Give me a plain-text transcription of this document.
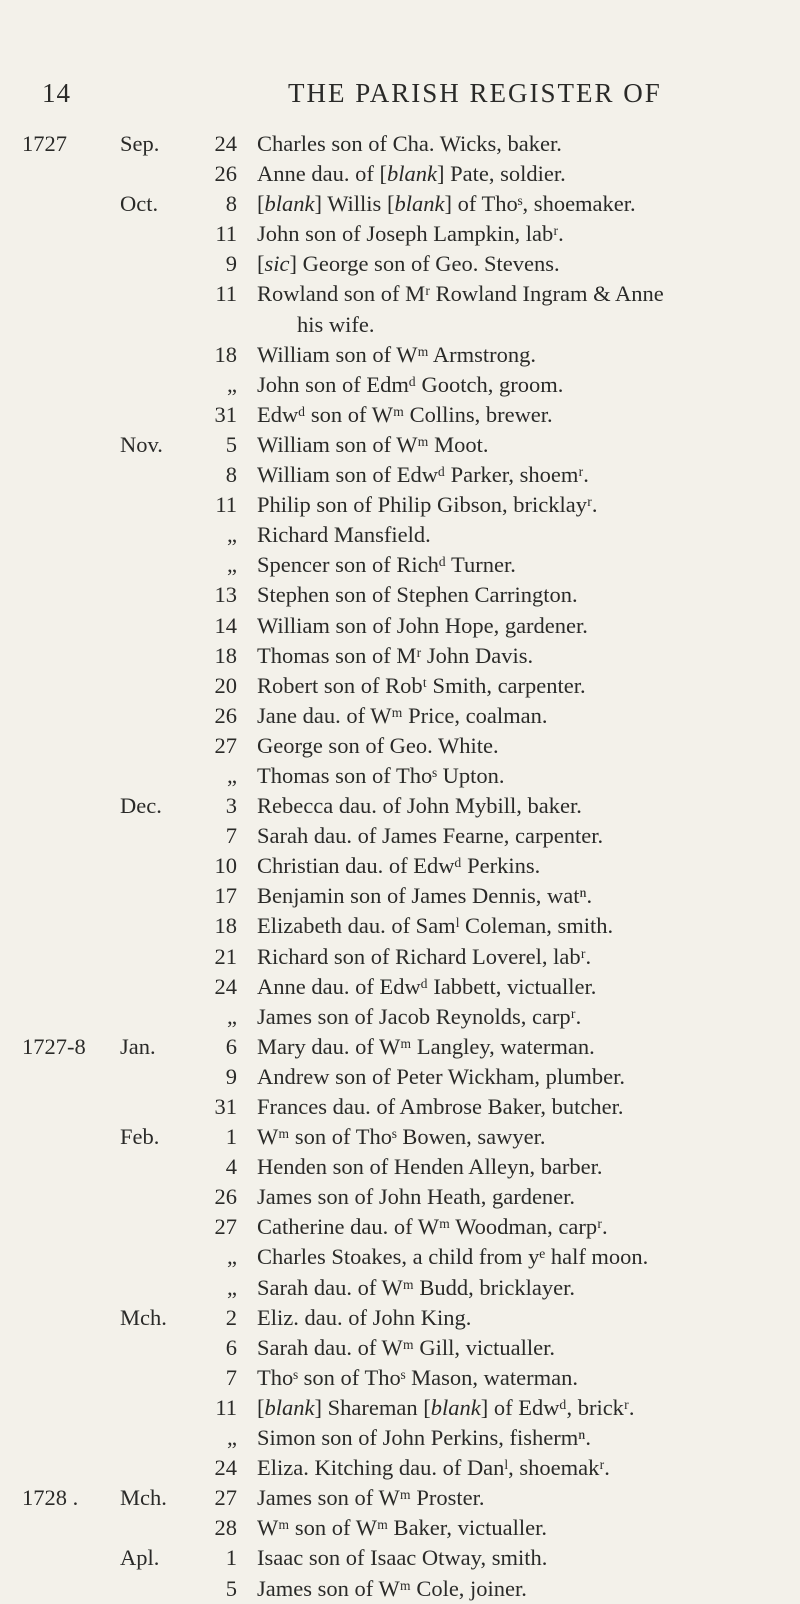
14	THE PARISH REGISTER OF
1727	Sep.	24 Charles son of Cha. Wicks, baker.
26 Anne dau. of [blank] Pate, soldier.
Oct.	8 [blank] Willis [blank] of Thoˢ, shoemaker.
11 John son of Joseph Lampkin, labʳ.
9 [sic] George son of Geo. Stevens.
11 Rowland son of Mʳ Rowland Ingram & Anne
his wife.
18 William son of Wᵐ Armstrong.
„ John son of Edmᵈ Gootch, groom.
31 Edwᵈ son of Wᵐ Collins, brewer.
Nov.	5 William son of Wᵐ Moot.
8 William son of Edwᵈ Parker, shoemʳ.
11 Philip son of Philip Gibson, bricklayʳ.
„ Richard Mansfield.
„ Spencer son of Richᵈ Turner.
13 Stephen son of Stephen Carrington.
14 William son of John Hope, gardener.
18 Thomas son of Mʳ John Davis.
20 Robert son of Robᵗ Smith, carpenter.
26 Jane dau. of Wᵐ Price, coalman.
27 George son of Geo. White.
„ Thomas son of Thoˢ Upton.
Dec.	3 Rebecca dau. of John Mybill, baker.
7 Sarah dau. of James Fearne, carpenter.
10 Christian dau. of Edwᵈ Perkins.
17 Benjamin son of James Dennis, watⁿ.
18 Elizabeth dau. of Samˡ Coleman, smith.
21 Richard son of Richard Loverel, labʳ.
24 Anne dau. of Edwᵈ Iabbett, victualler.
„ James son of Jacob Reynolds, carpʳ.
1727-8	Jan.	6 Mary dau. of Wᵐ Langley, waterman.
9 Andrew son of Peter Wickham, plumber.
31 Frances dau. of Ambrose Baker, butcher.
Feb.	1 Wᵐ son of Thoˢ Bowen, sawyer.
4 Henden son of Henden Alleyn, barber.
26 James son of John Heath, gardener.
27 Catherine dau. of Wᵐ Woodman, carpʳ.
„ Charles Stoakes, a child from yᵉ half moon.
„ Sarah dau. of Wᵐ Budd, bricklayer.
Mch.	2 Eliz. dau. of John King.
6 Sarah dau. of Wᵐ Gill, victualler.
7 Thoˢ son of Thoˢ Mason, waterman.
11 [blank] Shareman [blank] of Edwᵈ, brickʳ.
„ Simon son of John Perkins, fishermⁿ.
24 Eliza. Kitching dau. of Danˡ, shoemakʳ.
1728 .	Mch.	27 James son of Wᵐ Proster.
28 Wᵐ son of Wᵐ Baker, victualler.
Apl.	1 Isaac son of Isaac Otway, smith.
5 James son of Wᵐ Cole, joiner.
